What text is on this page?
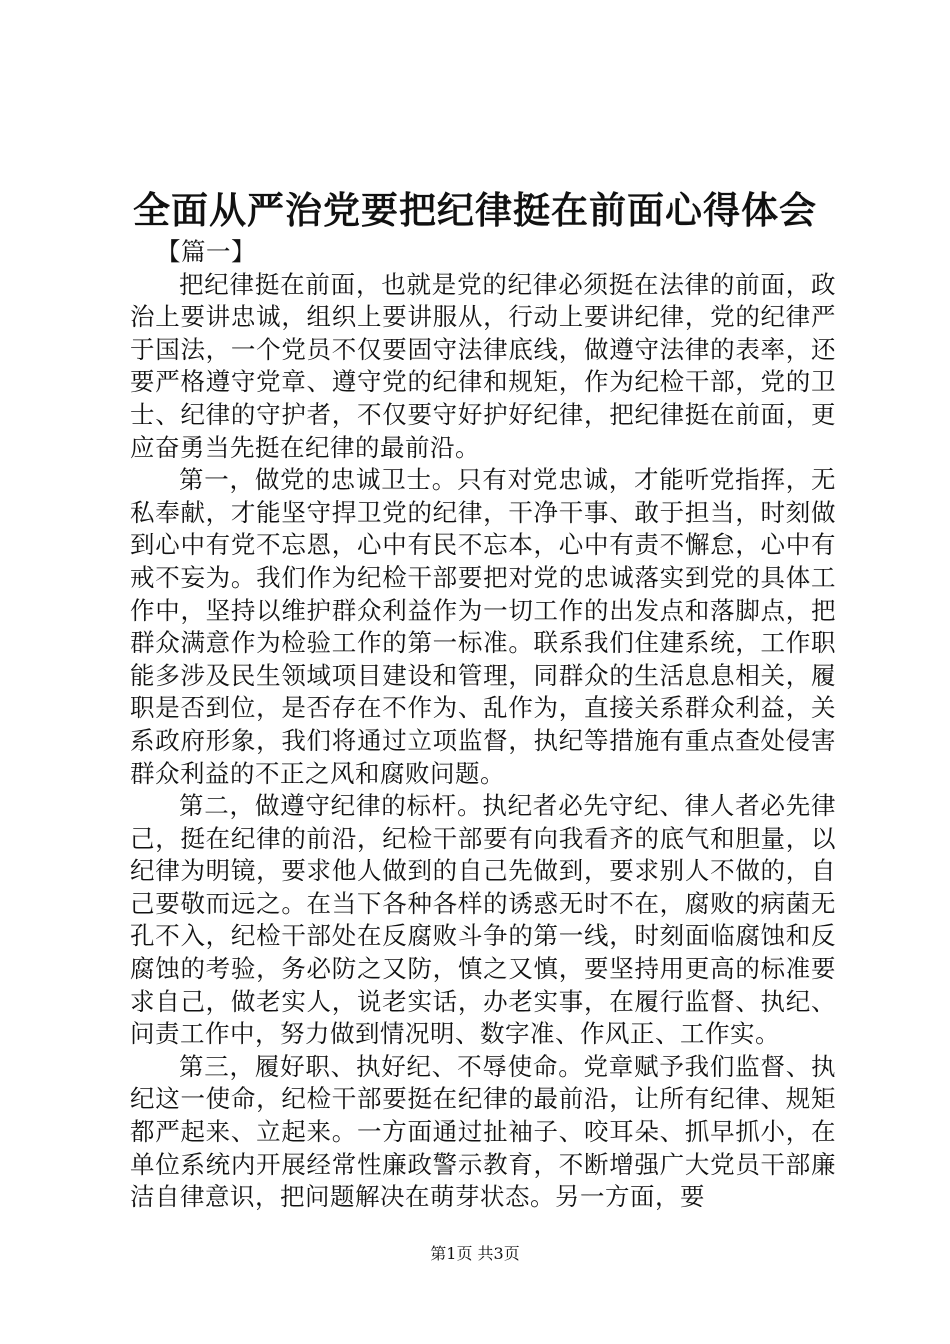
全面从严治党要把纪律挺在前面心得体会
【篇一】

把纪律挺在前面，也就是党的纪律必须挺在法律的前面，政治上要讲忠诚，组织上要讲服从，行动上要讲纪律，党的纪律严于国法，一个党员不仅要固守法律底线，做遵守法律的表率，还要严格遵守党章、遵守党的纪律和规矩，作为纪检干部，党的卫士、纪律的守护者，不仅要守好护好纪律，把纪律挺在前面，更应奋勇当先挺在纪律的最前沿。

第一，做党的忠诚卫士。只有对党忠诚，才能听党指挥，无私奉献，才能坚守捍卫党的纪律，干净干事、敢于担当，时刻做到心中有党不忘恩，心中有民不忘本，心中有责不懈怠，心中有戒不妄为。我们作为纪检干部要把对党的忠诚落实到党的具体工作中，坚持以维护群众利益作为一切工作的出发点和落脚点，把群众满意作为检验工作的第一标准。联系我们住建系统，工作职能多涉及民生领域项目建设和管理，同群众的生活息息相关，履职是否到位，是否存在不作为、乱作为，直接关系群众利益，关系政府形象，我们将通过立项监督，执纪等措施有重点查处侵害群众利益的不正之风和腐败问题。

第二，做遵守纪律的标杆。执纪者必先守纪、律人者必先律己，挺在纪律的前沿，纪检干部要有向我看齐的底气和胆量，以纪律为明镜，要求他人做到的自己先做到，要求别人不做的，自己要敬而远之。在当下各种各样的诱惑无时不在，腐败的病菌无孔不入，纪检干部处在反腐败斗争的第一线，时刻面临腐蚀和反腐蚀的考验，务必防之又防，慎之又慎，要坚持用更高的标准要求自己，做老实人，说老实话，办老实事，在履行监督、执纪、问责工作中，努力做到情况明、数字准、作风正、工作实。

第三，履好职、执好纪、不辱使命。党章赋予我们监督、执纪这一使命，纪检干部要挺在纪律的最前沿，让所有纪律、规矩都严起来、立起来。一方面通过扯袖子、咬耳朵、抓早抓小，在单位系统内开展经常性廉政警示教育，不断增强广大党员干部廉洁自律意识，把问题解决在萌芽状态。另一方面，要

第1页 共3页
